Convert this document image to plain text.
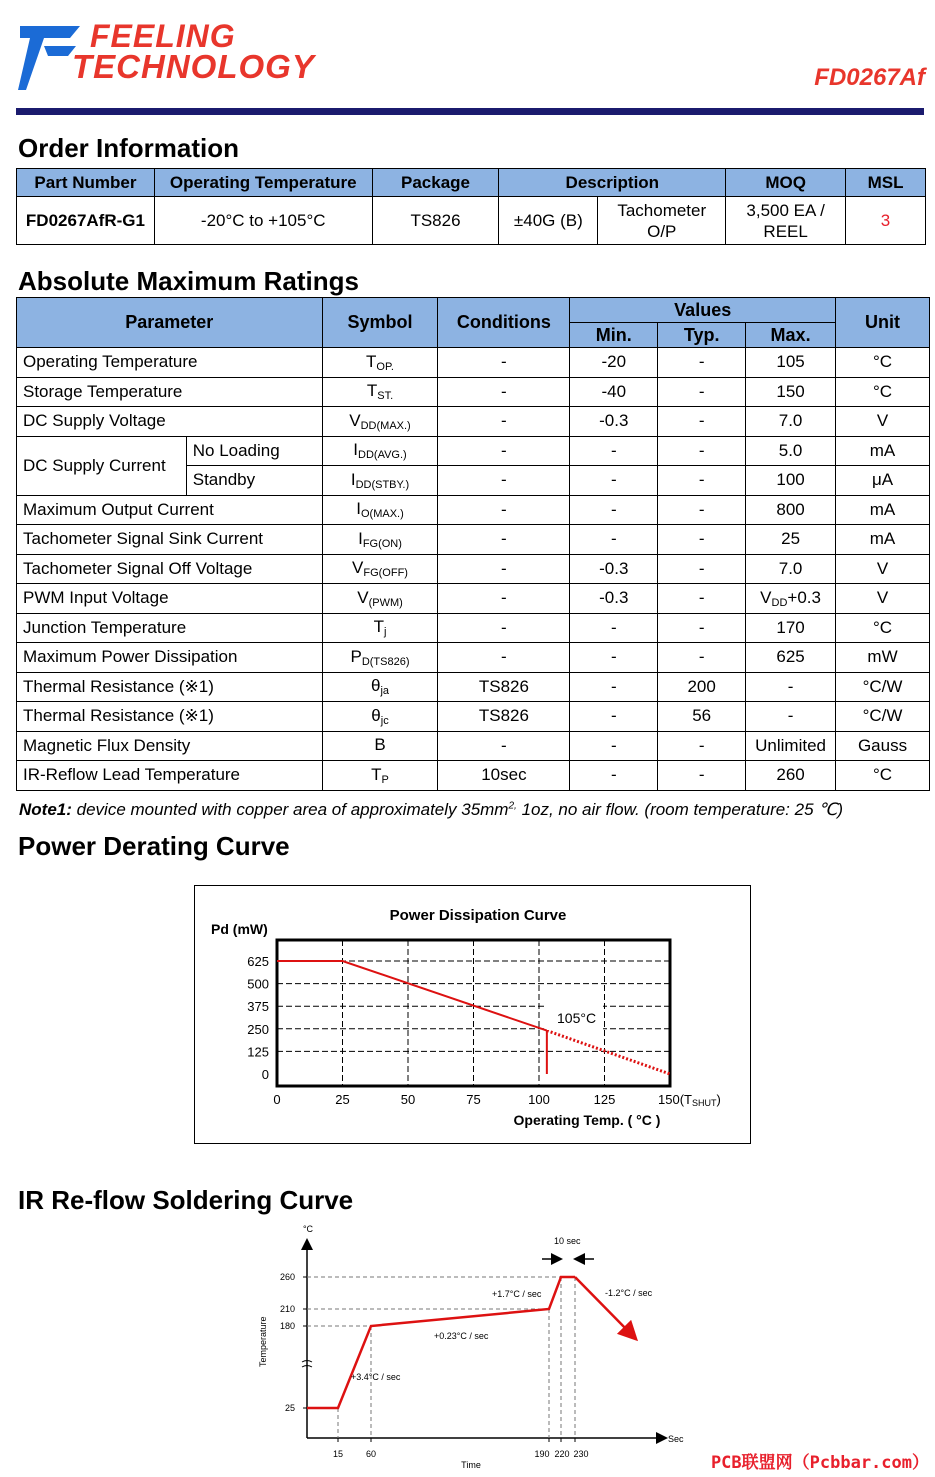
FEELING
TECHNOLOGY	FD0267Af
Order Information
Part Number	Operating Temperature	Package	Description		MOQ	MSL
FD0267AfR-G1	-20°C to +105°C	TS826	±40G (B)	Tachometer O/P	3,500 EA / REEL	3
Absolute Maximum Ratings
Parameter		Symbol	Conditions	Values			Unit
				Min.	Typ.	Max.	
Operating Temperature		$T_{OP.}$	-	-20	-	105	°C
Storage Temperature		$T_{ST.}$	-	-40	-	150	°C
DC Supply Voltage		$V_{DD(MAX.)}$	-	-0.3	-	7.0	V
DC Supply Current	No Loading	$I_{DD(AVG.)}$	-	-	-	5.0	mA
	Standby	$I_{DD(STBY.)}$	-	-	-	100	μA
Maximum Output Current		$I_{O(MAX.)}$	-	-	-	800	mA
Tachometer Signal Sink Current		$I_{FG(ON)}$	-	-	-	25	mA
Tachometer Signal Off Voltage		$V_{FG(OFF)}$	-	-0.3	-	7.0	V
PWM Input Voltage		$V_{(PWM)}$	-	-0.3	-	$V_{DD}+0.3$	V
Junction Temperature		$T_j$	-	-	-	170	°C
Maximum Power Dissipation		$P_{D(TS826)}$	-	-	-	625	mW
Thermal Resistance (※1)		$\theta_{ja}$	TS826	-	200	-	°C/W
Thermal Resistance (※1)		$\theta_{jc}$	TS826	-	56	-	°C/W
Magnetic Flux Density		B	-	-	-	Unlimited	Gauss
IR-Reflow Lead Temperature		$T_P$	10sec	-	-	260	°C
Note1: device mounted with copper area of approximately $35mm^{2,}$ 1oz, no air flow. (room temperature: 25 ℃)
Power Derating Curve
Power Dissipation Curve
Pd (mW)
625
500
375
250
125
0
0	25	50	75	100	125	150(TSHUT)
Operating Temp. ( °C )
105°C
IR Re-flow Soldering Curve
°C
Sec
Time
Temperature
260
210
180
25
15	60	190 220 230
+3.4°C / sec
+0.23°C / sec
+1.7°C / sec	-1.2°C / sec
10 sec
PCB联盟网（Pcbbar.com）
